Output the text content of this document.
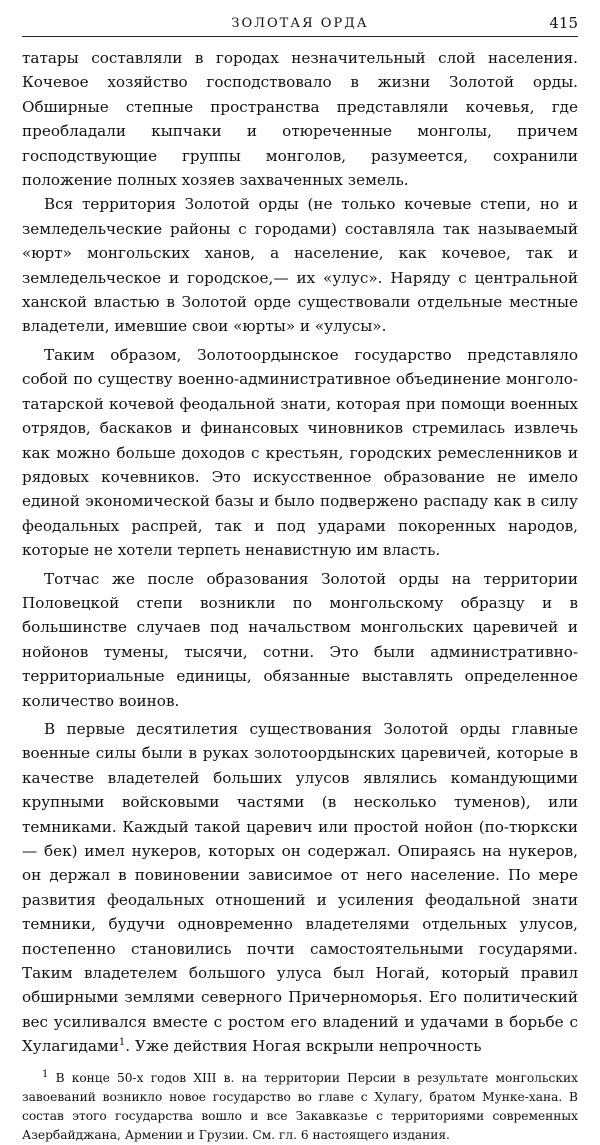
ЗОЛОТАЯ ОРДА	415

татары составляли в городах незначительный слой населения. Кочевое хозяйство господствовало в жизни Золотой орды. Обширные степные пространства представляли кочевья, где преобладали кыпчаки и отюреченные монголы, причем господствующие группы монголов, разумеется, сохранили положение полных хозяев захваченных земель.

Вся территория Золотой орды (не только кочевые степи, но и земледельческие районы с городами) составляла так называемый «юрт» монгольских ханов, а население, как кочевое, так и земледельческое и городское,— их «улус». Наряду с центральной ханской властью в Золотой орде существовали отдельные местные владетели, имевшие свои «юрты» и «улусы».

Таким образом, Золотоордынское государство представляло собой по существу военно-административное объединение монголо-татарской кочевой феодальной знати, которая при помощи военных отрядов, баскаков и финансовых чиновников стремилась извлечь как можно больше доходов с крестьян, городских ремесленников и рядовых кочевников. Это искусственное образование не имело единой экономической базы и было подвержено распаду как в силу феодальных распрей, так и под ударами покоренных народов, которые не хотели терпеть ненавистную им власть.

Тотчас же после образования Золотой орды на территории Половецкой степи возникли по монгольскому образцу и в большинстве случаев под начальством монгольских царевичей и нойонов тумены, тысячи, сотни. Это были административно-территориальные единицы, обязанные выставлять определенное количество воинов.

В первые десятилетия существования Золотой орды главные военные силы были в руках золотоордынских царевичей, которые в качестве владетелей больших улусов являлись командующими крупными войсковыми частями (в несколько туменов), или темниками. Каждый такой царевич или простой нойон (по-тюркски — бек) имел нукеров, которых он содержал. Опираясь на нукеров, он держал в повиновении зависимое от него население. По мере развития феодальных отношений и усиления феодальной знати темники, будучи одновременно владетелями отдельных улусов, постепенно становились почти самостоятельными государями. Таким владетелем большого улуса был Ногай, который правил обширными землями северного Причерноморья. Его политический вес усиливался вместе с ростом его владений и удачами в борьбе с Хулагидами$^1$. Уже действия Ногая вскрыли непрочность

$^1$ В конце 50-х годов XIII в. на территории Персии в результате монгольских завоеваний возникло новое государство во главе с Хулагу, братом Мунке-хана. В состав этого государства вошло и все Закавказье с территориями современных Азербайджана, Армении и Грузии. См. гл. 6 настоящего издания.
